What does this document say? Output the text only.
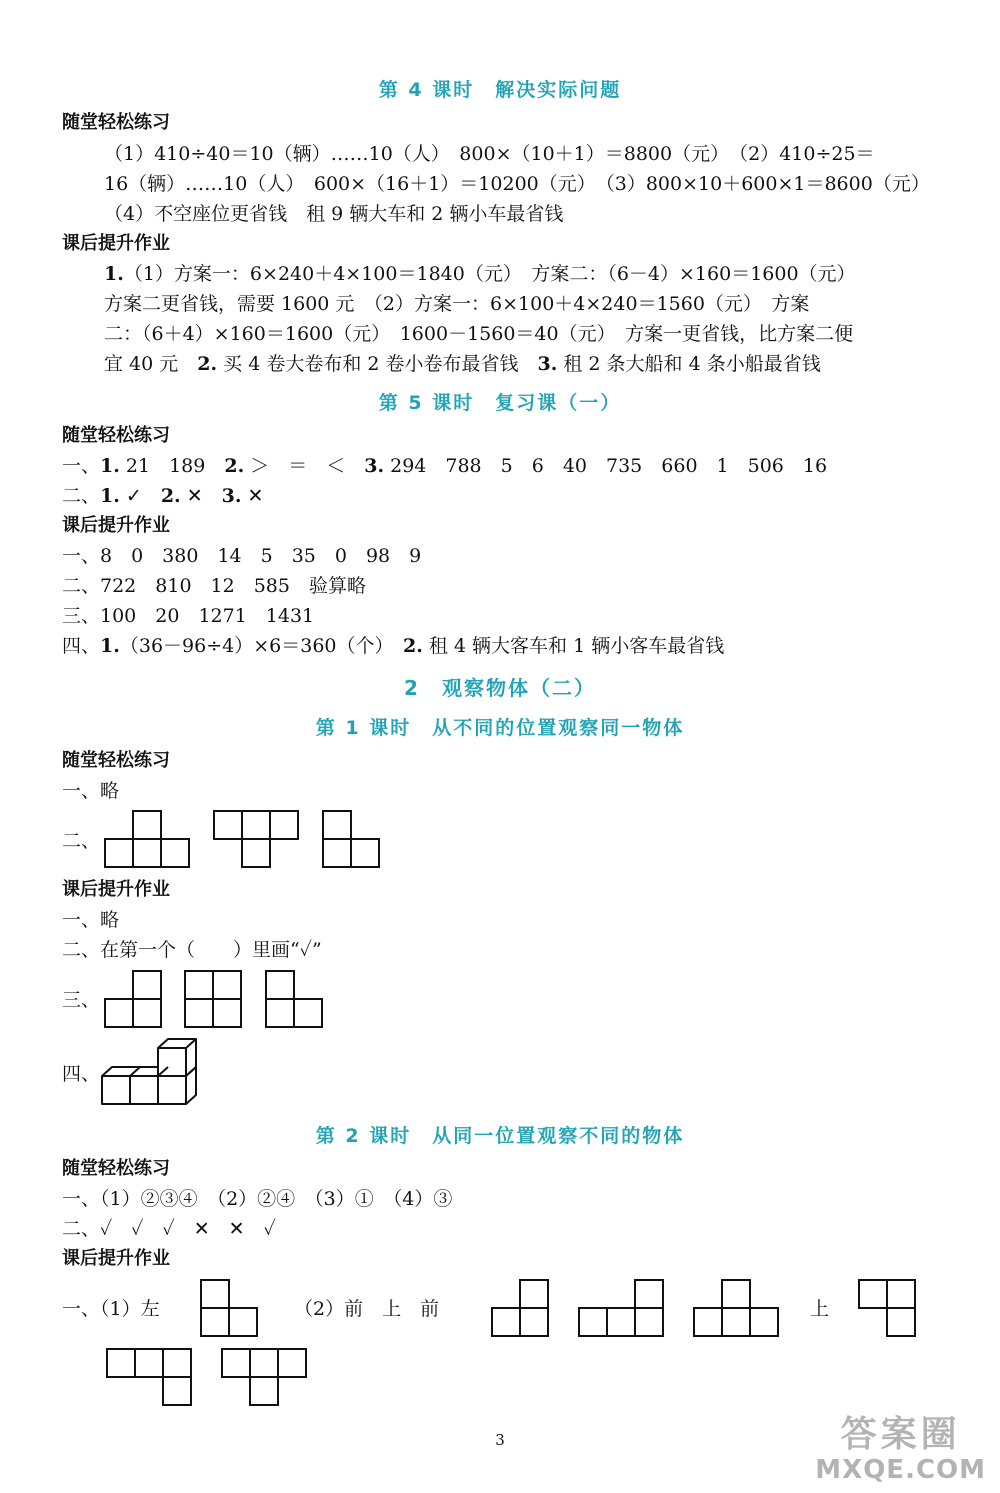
第 4 课时　解决实际问题
随堂轻松练习
（1）410÷40＝10（辆）……10（人）　800×（10＋1）＝8800（元）　（2）410÷25＝
16（辆）……10（人）　600×（16＋1）＝10200（元）　（3）800×10＋600×1＝8600（元）
（4）不空座位更省钱　租 9 辆大车和 2 辆小车最省钱
课后提升作业
1.（1）方案一：6×240＋4×100＝1840（元）　方案二：（6－4）×160＝1600（元）
方案二更省钱，需要 1600 元　（2）方案一：6×100＋4×240＝1560（元）　方案
二：（6＋4）×160＝1600（元）　1600－1560＝40（元）　方案一更省钱，比方案二便
宜 40 元　2. 买 4 卷大卷布和 2 卷小卷布最省钱　3. 租 2 条大船和 4 条小船最省钱
第 5 课时　复习课（一）
随堂轻松练习
一、1. 21　189　2. ＞　＝　＜　3. 294　788　5　6　40　735　660　1　506　16
二、1. ✓　2. ✕　3. ✕
课后提升作业
一、8　0　380　14　5　35　0　98　9
二、722　810　12　585　验算略
三、100　20　1271　1431
四、1.（36－96÷4）×6＝360（个）　2. 租 4 辆大客车和 1 辆小客车最省钱
2　观察物体（二）
第 1 课时　从不同的位置观察同一物体
随堂轻松练习
一、略
二、
课后提升作业
一、略
二、在第一个（　　）里画“✓”
三、
四、
第 2 课时　从同一位置观察不同的物体
随堂轻松练习
一、（1）②③④　（2）②④　（3）①　（4）③
二、✓　✓　✓　✕　✕　✓
课后提升作业
一、（1）左	（2）前　上　前	上
3	答案圈
MXQE.COM
